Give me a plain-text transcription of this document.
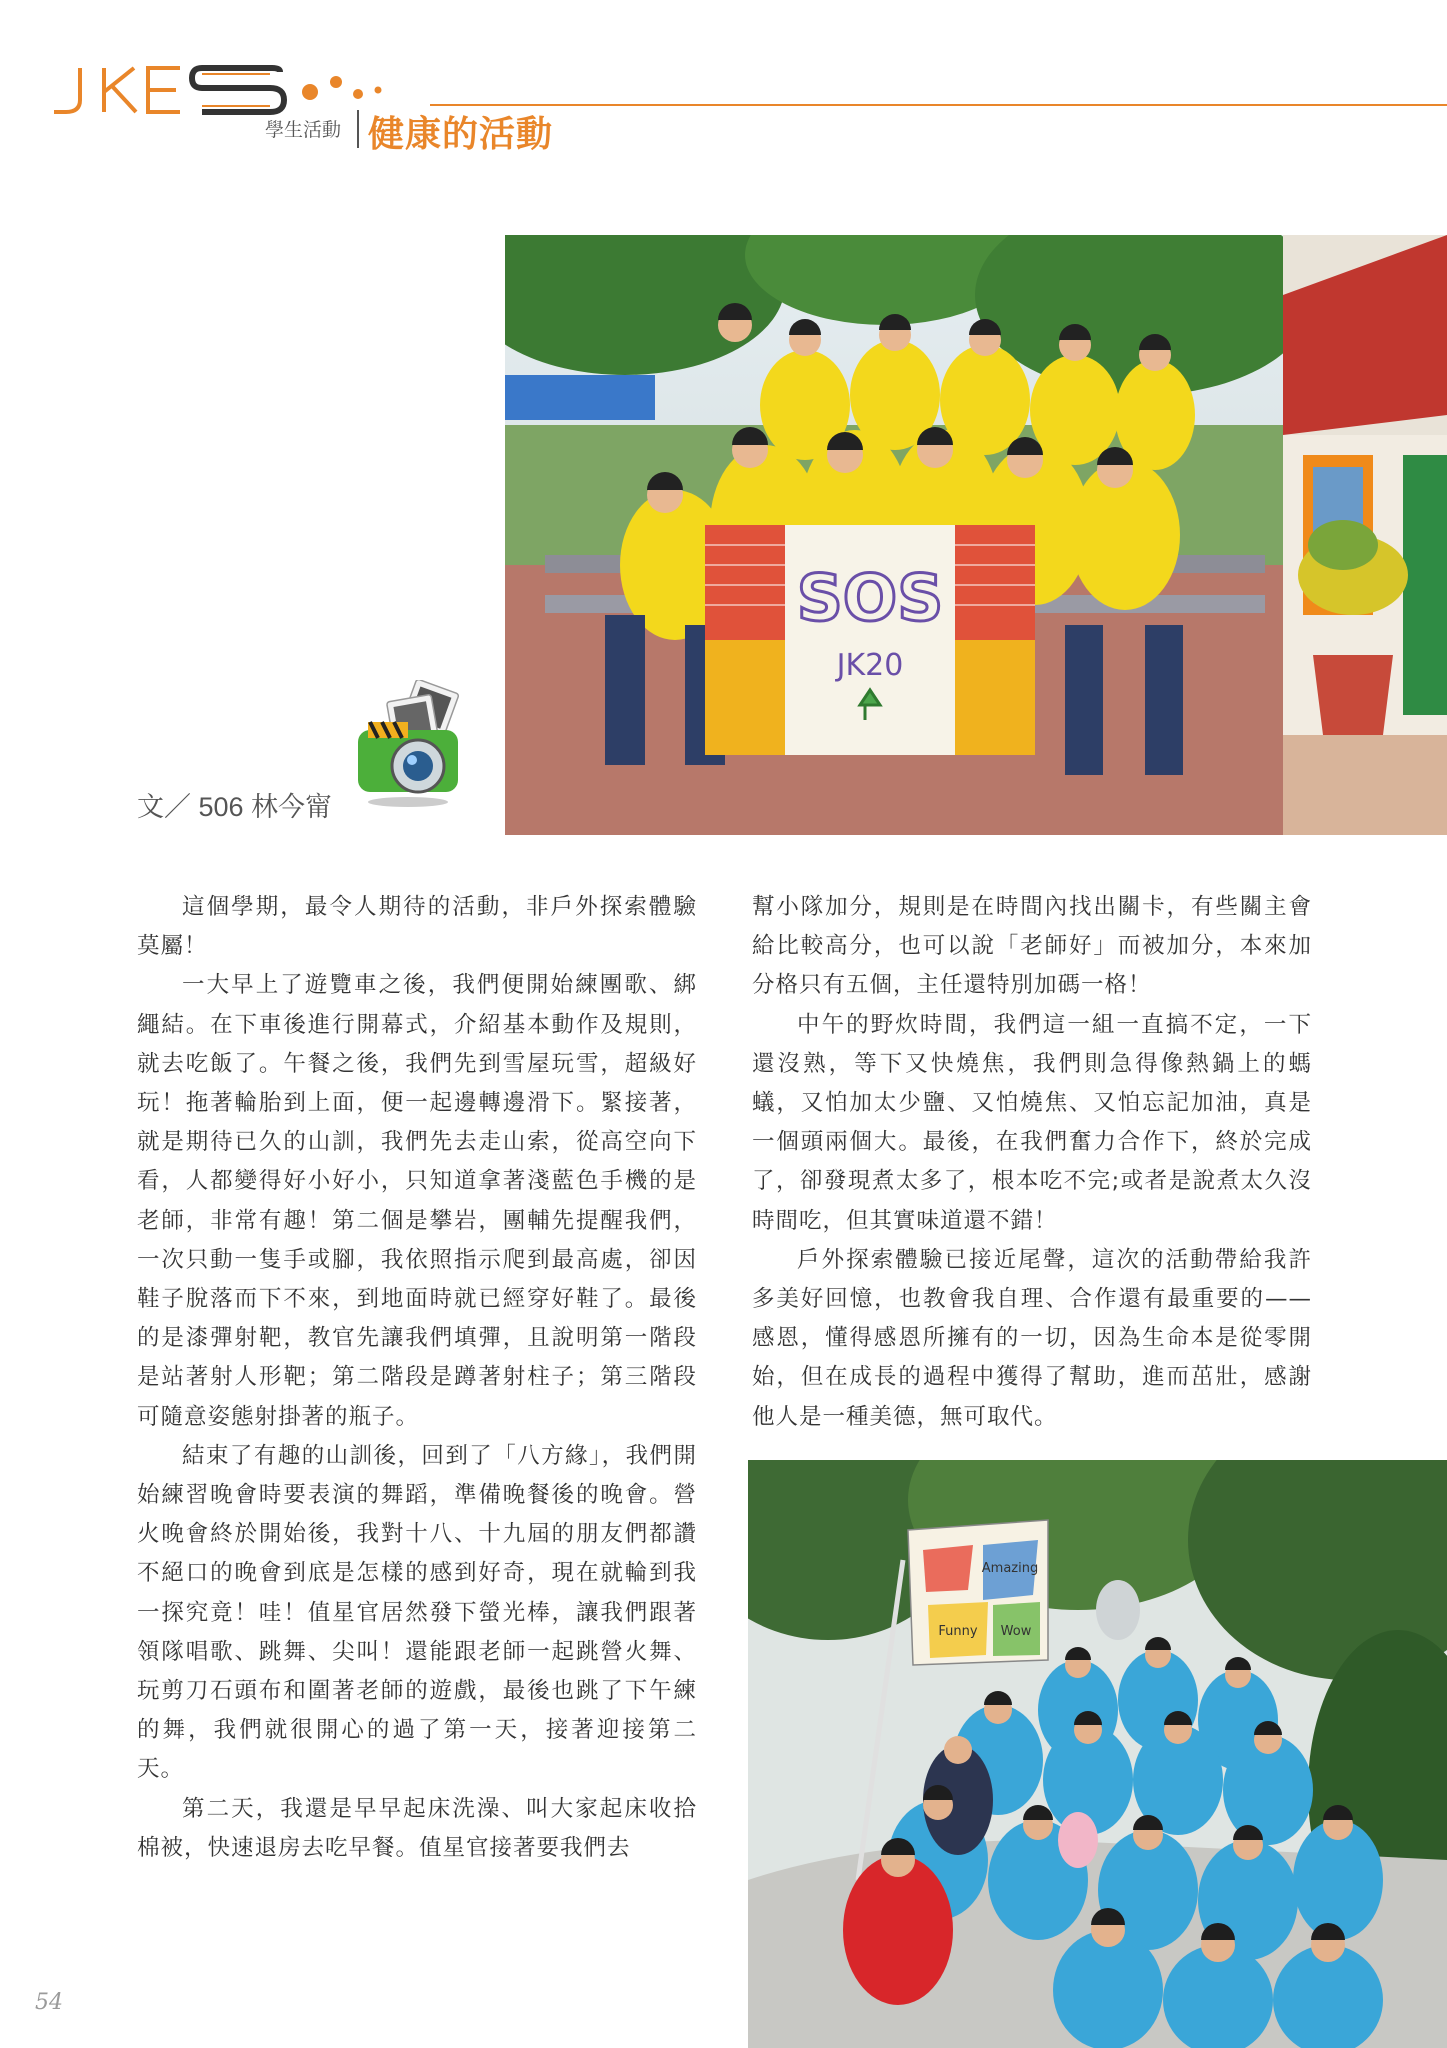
學生活動 健康的活動
SOS
JK20
文／ 506 林今甯

這個學期，最令人期待的活動，非戶外探索體驗莫屬！

一大早上了遊覽車之後，我們便開始練團歌、綁繩結。在下車後進行開幕式，介紹基本動作及規則，就去吃飯了。午餐之後，我們先到雪屋玩雪，超級好玩！拖著輪胎到上面，便一起邊轉邊滑下。緊接著，就是期待已久的山訓，我們先去走山索，從高空向下看，人都變得好小好小，只知道拿著淺藍色手機的是老師，非常有趣！第二個是攀岩，團輔先提醒我們，一次只動一隻手或腳，我依照指示爬到最高處，卻因鞋子脫落而下不來，到地面時就已經穿好鞋了。最後的是漆彈射靶，教官先讓我們填彈，且說明第一階段是站著射人形靶；第二階段是蹲著射柱子；第三階段可隨意姿態射掛著的瓶子。

結束了有趣的山訓後，回到了「八方緣」，我們開始練習晚會時要表演的舞蹈，準備晚餐後的晚會。營火晚會終於開始後，我對十八、十九屆的朋友們都讚不絕口的晚會到底是怎樣的感到好奇，現在就輪到我一探究竟！哇！值星官居然發下螢光棒，讓我們跟著領隊唱歌、跳舞、尖叫！還能跟老師一起跳營火舞、玩剪刀石頭布和圍著老師的遊戲，最後也跳了下午練的舞，我們就很開心的過了第一天，接著迎接第二天。

第二天，我還是早早起床洗澡、叫大家起床收拾棉被，快速退房去吃早餐。值星官接著要我們去

幫小隊加分，規則是在時間內找出關卡，有些關主會給比較高分，也可以說「老師好」而被加分，本來加分格只有五個，主任還特別加碼一格！

中午的野炊時間，我們這一組一直搞不定，一下還沒熟，等下又快燒焦，我們則急得像熱鍋上的螞蟻，又怕加太少鹽、又怕燒焦、又怕忘記加油，真是一個頭兩個大。最後，在我們奮力合作下，終於完成了，卻發現煮太多了，根本吃不完;或者是說煮太久沒時間吃，但其實味道還不錯！

戶外探索體驗已接近尾聲，這次的活動帶給我許多美好回憶，也教會我自理、合作還有最重要的——感恩，懂得感恩所擁有的一切，因為生命本是從零開始，但在成長的過程中獲得了幫助，進而茁壯，感謝他人是一種美德，無可取代。

Amazing
Funny Wow
54
